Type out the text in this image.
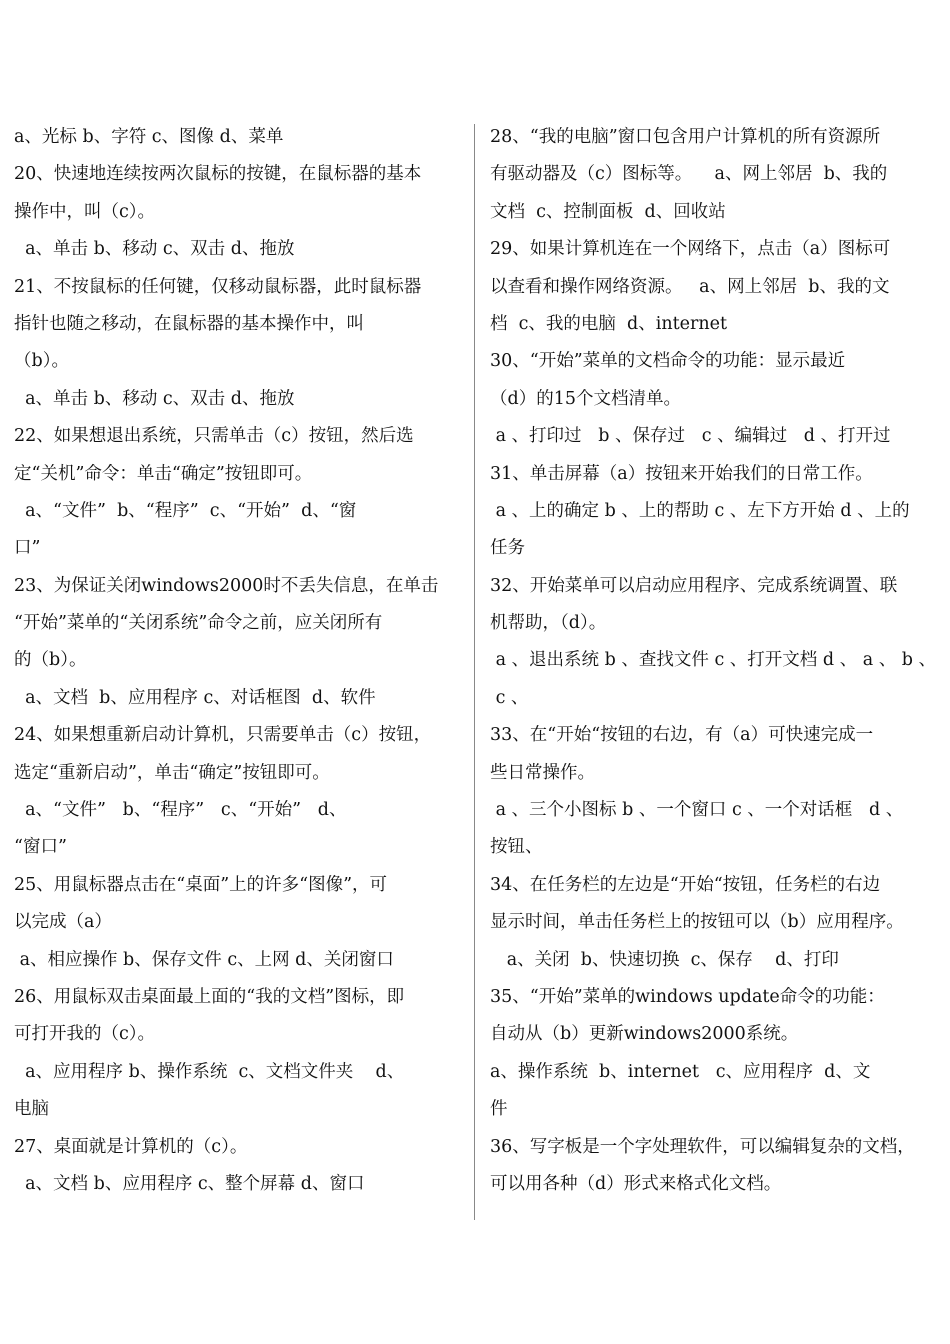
a、光标 b、字符 c、图像 d、菜单
20、快速地连续按两次鼠标的按键，在鼠标器的基本
操作中，叫（c）。
a、单击 b、移动 c、双击 d、拖放
21、不按鼠标的任何键，仅移动鼠标器，此时鼠标器
指针也随之移动，在鼠标器的基本操作中，叫
（b）。
a、单击 b、移动 c、双击 d、拖放
22、如果想退出系统，只需单击（c）按钮，然后选
定“关机”命令：单击“确定”按钮即可。
a、“文件”  b、“程序”  c、“开始”  d、“窗
口”
23、为保证关闭windows2000时不丢失信息，在单击
“开始”菜单的“关闭系统”命令之前，应关闭所有
的（b）。
a、文档  b、应用程序 c、对话框图  d、软件
24、如果想重新启动计算机，只需要单击（c）按钮，
选定“重新启动”，单击“确定”按钮即可。
a、“文件”   b、“程序”   c、“开始”   d、
“窗口”
25、用鼠标器点击在“桌面”上的许多“图像”，可
以完成（a）
a、相应操作 b、保存文件 c、上网 d、关闭窗口
26、用鼠标双击桌面最上面的“我的文档”图标，即
可打开我的（c）。
a、应用程序 b、操作系统  c、文档文件夹    d、
电脑
27、桌面就是计算机的（c）。
a、文档 b、应用程序 c、整个屏幕 d、窗口
28、“我的电脑”窗口包含用户计算机的所有资源所
有驱动器及（c）图标等。    a、网上邻居  b、我的
文档  c、控制面板  d、回收站
29、如果计算机连在一个网络下，点击（a）图标可
以查看和操作网络资源。   a、网上邻居  b、我的文
档  c、我的电脑  d、internet
30、“开始”菜单的文档命令的功能：显示最近
（d）的15个文档清单。
a 、打印过   b 、保存过   c 、编辑过   d 、打开过
31、单击屏幕（a）按钮来开始我们的日常工作。
a 、上的确定 b 、上的帮助 c 、左下方开始 d 、上的
任务
32、开始菜单可以启动应用程序、完成系统调置、联
机帮助，（d）。
a 、退出系统 b 、查找文件 c 、打开文档 d 、 a 、 b 、
c 、
33、在“开始“按钮的右边，有（a）可快速完成一
些日常操作。
a 、三个小图标 b 、一个窗口 c 、一个对话框   d 、
按钮、
34、在任务栏的左边是“开始“按钮，任务栏的右边
显示时间，单击任务栏上的按钮可以（b）应用程序。
a、关闭  b、快速切换  c、保存    d、打印
35、“开始”菜单的windows update命令的功能：
自动从（b）更新windows2000系统。
a、操作系统  b、internet   c、应用程序  d、文
件
36、写字板是一个字处理软件，可以编辑复杂的文档，
可以用各种（d）形式来格式化文档。
